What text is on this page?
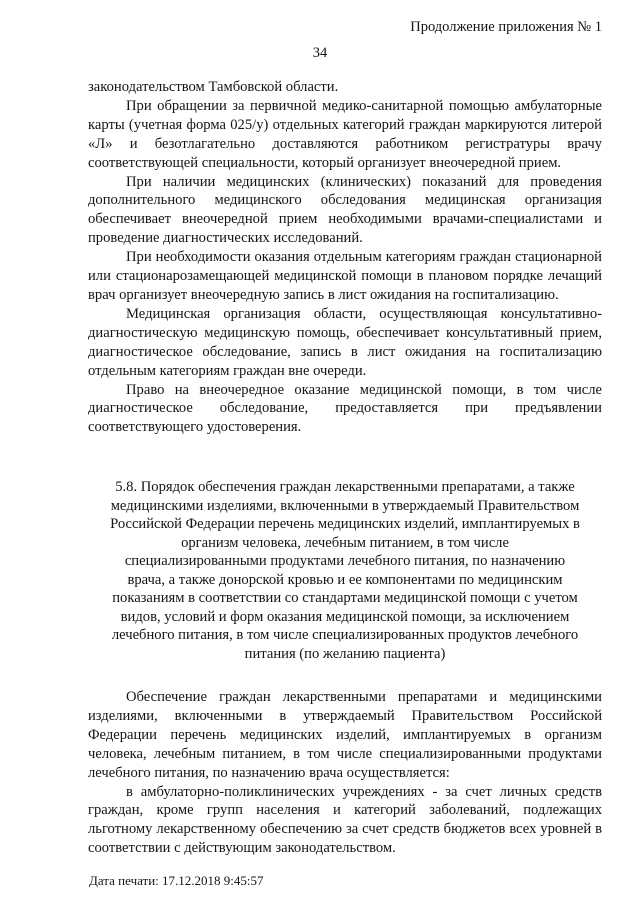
Продолжение приложения № 1
34

законодательством Тамбовской области.

При обращении за первичной медико-санитарной помощью амбулаторные карты (учетная форма 025/у) отдельных категорий граждан маркируются литерой «Л» и безотлагательно доставляются работником регистратуры врачу соответствующей специальности, который организует внеочередной прием.

При наличии медицинских (клинических) показаний для проведения дополнительного медицинского обследования медицинская организация обеспечивает внеочередной прием необходимыми врачами-специалистами и проведение диагностических исследований.

При необходимости оказания отдельным категориям граждан стационарной или стационарозамещающей медицинской помощи в плановом порядке лечащий врач организует внеочередную запись в лист ожидания на госпитализацию.

Медицинская организация области, осуществляющая консультативно-диагностическую медицинскую помощь, обеспечивает консультативный прием, диагностическое обследование, запись в лист ожидания на госпитализацию отдельным категориям граждан вне очереди.

Право на внеочередное оказание медицинской помощи, в том числе диагностическое обследование, предоставляется при предъявлении соответствующего удостоверения.

5.8. Порядок обеспечения граждан лекарственными препаратами, а также медицинскими изделиями, включенными в утверждаемый Правительством Российской Федерации перечень медицинских изделий, имплантируемых в организм человека, лечебным питанием, в том числе специализированными продуктами лечебного питания, по назначению врача, а также донорской кровью и ее компонентами по медицинским показаниям в соответствии со стандартами медицинской помощи с учетом видов, условий и форм оказания медицинской помощи, за исключением лечебного питания, в том числе специализированных продуктов лечебного питания (по желанию пациента)

Обеспечение граждан лекарственными препаратами и медицинскими изделиями, включенными в утверждаемый Правительством Российской Федерации перечень медицинских изделий, имплантируемых в организм человека, лечебным питанием, в том числе специализированными продуктами лечебного питания, по назначению врача осуществляется:

в амбулаторно-поликлинических учреждениях - за счет личных средств граждан, кроме групп населения и категорий заболеваний, подлежащих льготному лекарственному обеспечению за счет средств бюджетов всех уровней в соответствии с действующим законодательством.

Дата печати: 17.12.2018 9:45:57
